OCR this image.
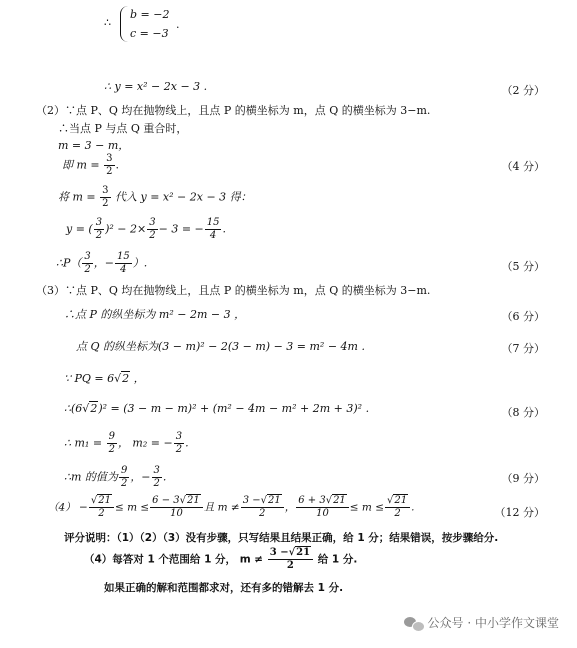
∴
b = −2
c = −3
.
∴ y = x² − 2x − 3 .	（2 分）
（2）∵点 P、Q 均在抛物线上，且点 P 的横坐标为 m，点 Q 的横坐标为 3−m.
∴当点 P 与点 Q 重合时，
m = 3 − m，
即 $m = \frac{3}{2}$ .	（4 分）
将 $m = \frac{3}{2}$ 代入 y = x² − 2x − 3 得：
y = ( $\frac{3}{2} )^2 - 2\times \frac{3}{2} - 3$ = − $\frac{15}{4}$ .
∴P（ $\frac{3}{2}$ ，− $\frac{15}{4}$ ）.	（5 分）
（3）∵点 P、Q 均在抛物线上，且点 P 的横坐标为 m，点 Q 的横坐标为 3−m.
∴点 P 的纵坐标为 m² − 2m − 3 ，	（6 分）
点 Q 的纵坐标为(3 − m)² − 2(3 − m) − 3 = m² − 4m .	（7 分）
∵ PQ = 6√2 ，
∴(6√2)² = (3 − m − m)² + (m² − 4m − m² + 2m + 3)² .	（8 分）
∴ $m_1 = \frac{9}{2}$ ， m₂ = − $\frac{3}{2}$ .
∴m 的值为 $\frac{9}{2}$ ，− $\frac{3}{2}$ .	（9 分）
$(4) - \frac{√21}{2} \le m \le \frac{6 - 3√21}{10}$ 且 $m \ne \frac{3 -√21}{2}$ ， $\frac{6 + 3√21}{10} \le m \le \frac{√21}{2}$ .	（12 分）
评分说明：（1）（2）（3）没有步骤，只写结果且结果正确，给 1 分；结果错误，按步骤给分.
（4）每答对 1 个范围给 1 分， $m \ne \frac{3 -√21}{2}$ 给 1 分.
如果正确的解和范围都求对，还有多的错解去 1 分.
公众号 · 中小学作文课堂
